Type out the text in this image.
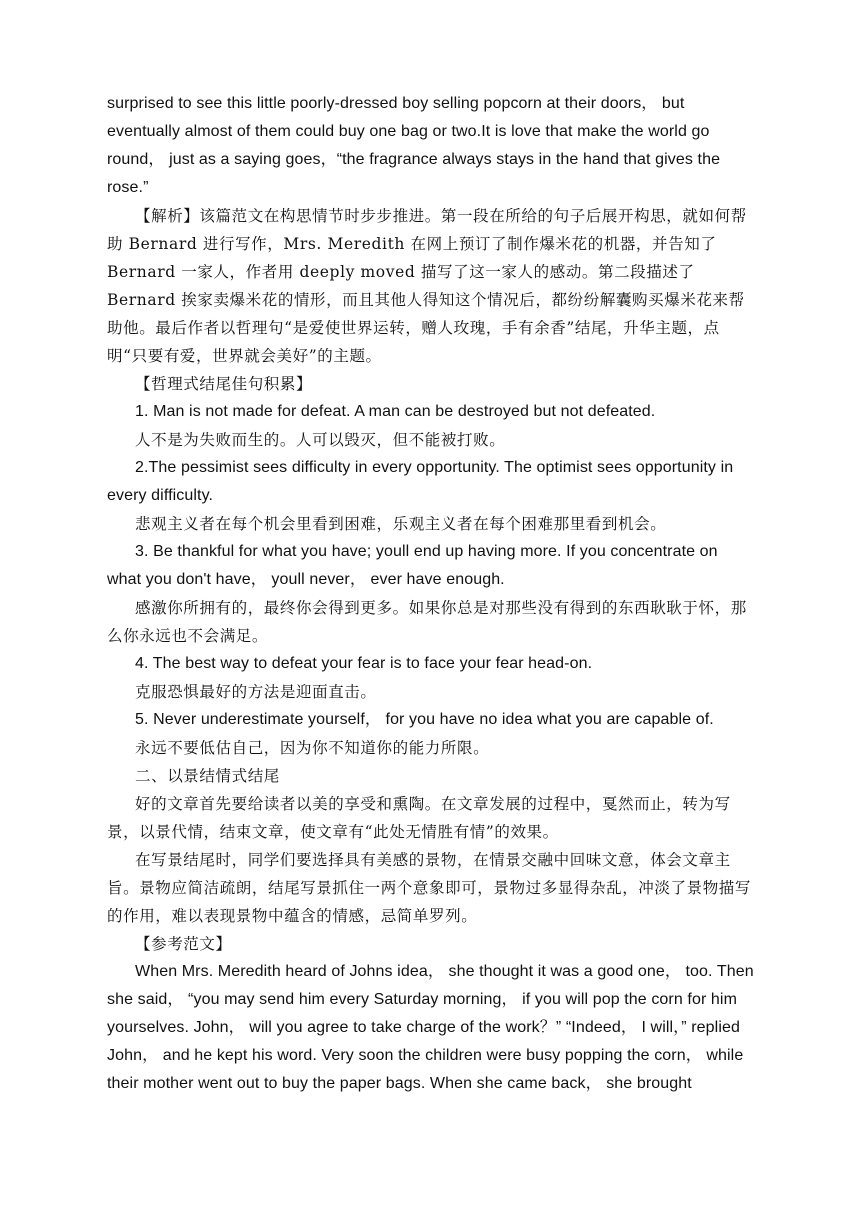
surprised to see this little poorly-dressed boy selling popcorn at their doors， but eventually almost of them could buy one bag or two.It is love that make the world go round， just as a saying goes，“the fragrance always stays in the hand that gives the rose.”

【解析】该篇范文在构思情节时步步推进。第一段在所给的句子后展开构思，就如何帮助 Bernard 进行写作，Mrs. Meredith 在网上预订了制作爆米花的机器，并告知了 Bernard 一家人，作者用 deeply moved 描写了这一家人的感动。第二段描述了 Bernard 挨家卖爆米花的情形，而且其他人得知这个情况后，都纷纷解囊购买爆米花来帮助他。最后作者以哲理句“是爱使世界运转，赠人玫瑰，手有余香”结尾，升华主题，点明“只要有爱，世界就会美好”的主题。

【哲理式结尾佳句积累】

1. Man is not made for defeat. A man can be destroyed but not defeated.

人不是为失败而生的。人可以毁灭，但不能被打败。

2.The pessimist sees difficulty in every opportunity. The optimist sees opportunity in every difficulty.

悲观主义者在每个机会里看到困难，乐观主义者在每个困难那里看到机会。

3. Be thankful for what you have; youll end up having more. If you concentrate on what you don't have， youll never， ever have enough.

感激你所拥有的，最终你会得到更多。如果你总是对那些没有得到的东西耿耿于怀，那么你永远也不会满足。

4. The best way to defeat your fear is to face your fear head-on.

克服恐惧最好的方法是迎面直击。

5. Never underestimate yourself， for you have no idea what you are capable of.

永远不要低估自己，因为你不知道你的能力所限。

二、以景结情式结尾

好的文章首先要给读者以美的享受和熏陶。在文章发展的过程中，戛然而止，转为写景，以景代情，结束文章，使文章有“此处无情胜有情”的效果。

在写景结尾时，同学们要选择具有美感的景物，在情景交融中回味文意，体会文章主旨。景物应简洁疏朗，结尾写景抓住一两个意象即可，景物过多显得杂乱，冲淡了景物描写的作用，难以表现景物中蕴含的情感，忌简单罗列。

【参考范文】

When Mrs. Meredith heard of Johns idea， she thought it was a good one， too. Then she said， “you may send him every Saturday morning， if you will pop the corn for him yourselves. John， will you agree to take charge of the work？” “Indeed， I will，” replied John， and he kept his word. Very soon the children were busy popping the corn， while their mother went out to buy the paper bags. When she came back， she brought
